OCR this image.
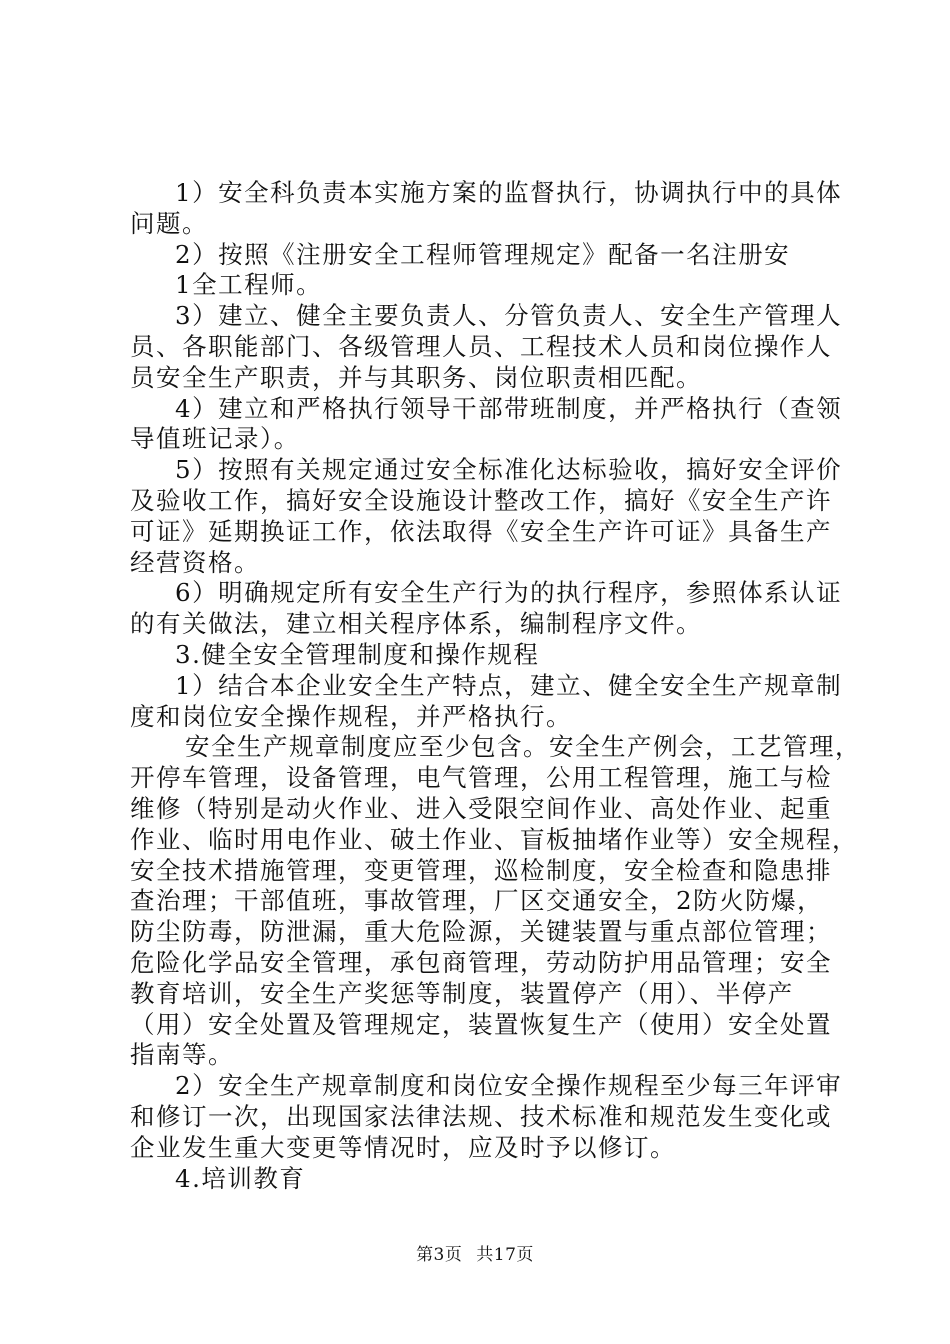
1）安全科负责本实施方案的监督执行，协调执行中的具体
问题。
2）按照《注册安全工程师管理规定》配备一名注册安
1全工程师。
3）建立、健全主要负责人、分管负责人、安全生产管理人
员、各职能部门、各级管理人员、工程技术人员和岗位操作人
员安全生产职责，并与其职务、岗位职责相匹配。
4）建立和严格执行领导干部带班制度，并严格执行（查领
导值班记录）。
5）按照有关规定通过安全标准化达标验收，搞好安全评价
及验收工作，搞好安全设施设计整改工作，搞好《安全生产许
可证》延期换证工作，依法取得《安全生产许可证》具备生产
经营资格。
6）明确规定所有安全生产行为的执行程序，参照体系认证
的有关做法，建立相关程序体系，编制程序文件。
3.健全安全管理制度和操作规程
1）结合本企业安全生产特点，建立、健全安全生产规章制
度和岗位安全操作规程，并严格执行。
安全生产规章制度应至少包含。安全生产例会，工艺管理，
开停车管理，设备管理，电气管理，公用工程管理，施工与检
维修（特别是动火作业、进入受限空间作业、高处作业、起重
作业、临时用电作业、破土作业、盲板抽堵作业等）安全规程，
安全技术措施管理，变更管理，巡检制度，安全检查和隐患排
查治理；干部值班，事故管理，厂区交通安全，2防火防爆，
防尘防毒，防泄漏，重大危险源，关键装置与重点部位管理；
危险化学品安全管理，承包商管理，劳动防护用品管理；安全
教育培训，安全生产奖惩等制度，装置停产（用）、半停产
（用）安全处置及管理规定，装置恢复生产（使用）安全处置
指南等。
2）安全生产规章制度和岗位安全操作规程至少每三年评审
和修订一次，出现国家法律法规、技术标准和规范发生变化或
企业发生重大变更等情况时，应及时予以修订。
4.培训教育
第3页 共17页
